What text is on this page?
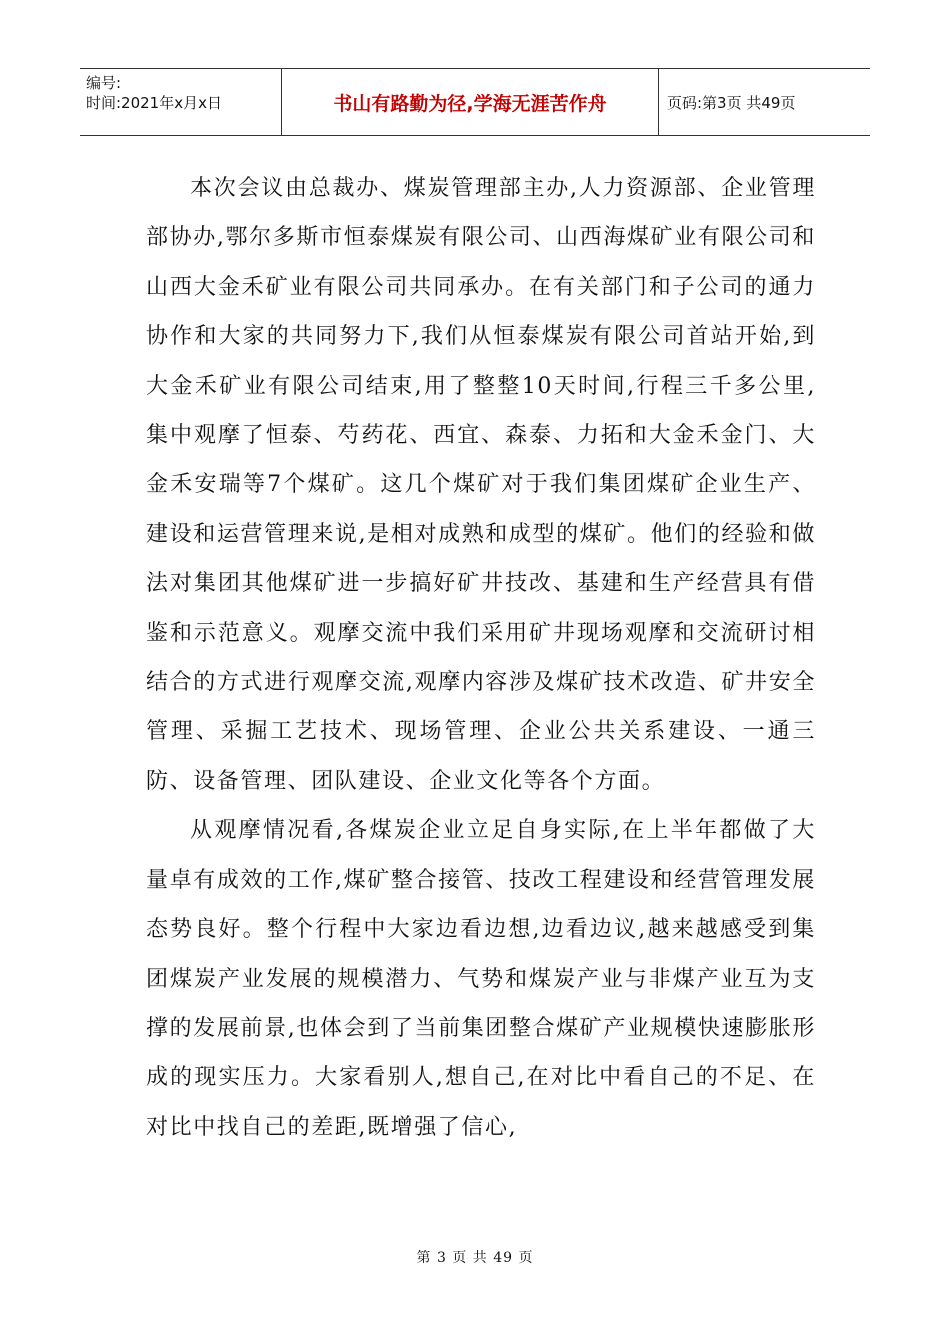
编号:
时间:2021年x月x日	书山有路勤为径,学海无涯苦作舟	页码:第3页 共49页

本次会议由总裁办、煤炭管理部主办,人力资源部、企业管理部协办,鄂尔多斯市恒泰煤炭有限公司、山西海煤矿业有限公司和山西大金禾矿业有限公司共同承办。在有关部门和子公司的通力协作和大家的共同努力下,我们从恒泰煤炭有限公司首站开始,到大金禾矿业有限公司结束,用了整整10天时间,行程三千多公里,集中观摩了恒泰、芍药花、西宜、森泰、力拓和大金禾金门、大金禾安瑞等7个煤矿。这几个煤矿对于我们集团煤矿企业生产、建设和运营管理来说,是相对成熟和成型的煤矿。他们的经验和做法对集团其他煤矿进一步搞好矿井技改、基建和生产经营具有借鉴和示范意义。观摩交流中我们采用矿井现场观摩和交流研讨相结合的方式进行观摩交流,观摩内容涉及煤矿技术改造、矿井安全管理、采掘工艺技术、现场管理、企业公共关系建设、一通三防、设备管理、团队建设、企业文化等各个方面。

从观摩情况看,各煤炭企业立足自身实际,在上半年都做了大量卓有成效的工作,煤矿整合接管、技改工程建设和经营管理发展态势良好。整个行程中大家边看边想,边看边议,越来越感受到集团煤炭产业发展的规模潜力、气势和煤炭产业与非煤产业互为支撑的发展前景,也体会到了当前集团整合煤矿产业规模快速膨胀形成的现实压力。大家看别人,想自己,在对比中看自己的不足、在对比中找自己的差距,既增强了信心,

第 3 页 共 49 页
